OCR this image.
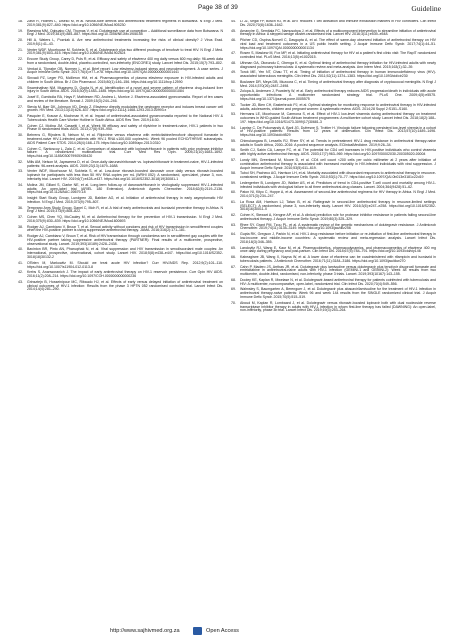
Page 38 of 39	Guideline
18.	Zash R, Holmes L, Diseko M, et al. Neural-tube defects and antiretroviral treatment regimens in Botswana. N Engl J Med. 2019;381(9):827–840. https://doi.org/10.1056/NEJMoa1905230
19.	Raesima MM, Ogbuabo CM, Thomas V, et al. Dolutegravir use at conception – Additional surveillance data from Botswana. N Engl J Med. 2019;381(9):885–887. https://doi.org/10.1056/NEJMc1908155
20.	Hill A, Waters L, Pozniak A. Are new antiretroviral treatments increasing the risks of clinical obesity? J Virus Erad. 2019;5(1):41–43.
21.	Venter WDF, Moorhouse M, Sokhela S, et al. Dolutegravir plus two different prodrugs of tenofovir to treat HIV. N Engl J Med. 2019;381(9):803–815. https://doi.org/10.1056/NEJMoa1902824
22.	Encore Study Group, Carey D, Puls R, et al. Efficacy and safety of efavirenz 400 mg daily versus 600 mg daily: 96-week data from a randomised, double-blind, placebo-controlled, non-inferiority (ENCORE1) study. Lancet Infect Dis. 2015;15(7):793–802.
23.	Venkat A, Tjiprabe OB, Normen L, et al. Brief report: Low efavirenz-induced stress and neurodevelopment. A case series. J Acquir Immune Defic Syndr. 2017;76(4):e77–e78. https://doi.org/10.1097/QAI.0000000000001441
24.	Sinxadi PZ, Leger PD, McIlleron HM, et al. Pharmacogenetics of plasma efavirenz exposure in HIV-infected adults and children in South Africa. Br J Clin Pharmacol. 2015;80(1):146–156. https://doi.org/10.1111/bcp.12590
25.	Swaminathan NM, Mugavero D, Gupta N, et al. Identification of a novel and severe pattern of efavirenz drug-induced liver injury in South Africa. AIDS. 2016;30(9):1483–1485. https://doi.org/10.1097/QAD.0000000000001084
26.	Josef E, Gumbolia RA, Hays F, Mathiesen RD, Andrea L, Morrice J. Efavirenz-associated gynecomastia. Report of ten cases and review of the literature. Breast J. 2009;15(3):244–246.
27.	Stevia M, Barr DK, Johnson VD, Desto Z. Efavirenz directly modulates the oestrogen receptor and induces breast cancer cell growth. HIV Med. 2013;13(10):626–637. https://doi.org/10.1111/j.1468-1293.2013.00993.x
28.	Pasquier E, Krause A, Mochman H, et al. Impact of antiretroviral-associated gynaecomastia reported to the National HIV & Tuberculosis Health Care Worker Hotline in South Africa. AIDS Res Ther. 2019;16:30.
29.	Cohen CJ, Molina JM, Cassetti I, et al. Week 96 efficacy and safety of rilpivirine in treatment-naive, HIV-1 patients in two Phase III randomized trials. AIDS. 2013;27(6):939–950.
30.	Behrens G, Rijnders B, Nelson M, et al. Rilpivirine versus efavirenz with emtricitabine/tenofovir disoproxil fumarate in treatment-naive HIV-1-infected patients with HIV-1 RNA ≤100,000 copies/mL: Week 96 pooled ECHO/THRIVE subanalysis. AIDS Patient Care STDS. 2014;28(4):168–175. https://doi.org/10.1089/apc.2013.0310
31.	Cohen C, Santoscoy L, Zala C, et al. Comparison of atazanavir with lopinavir/ritonavir in patients with prior protease inhibitor failure: A randomized multinational trial. Curr Med Res Opin. 2005;21(10):1683–1692. https://doi.org/10.1185/030079905X65420
32.	Mills AM, Nelson M, Jayaweera D, et al. Once-daily darunavir/ritonavir vs. lopinavir/ritonavir in treatment-naive, HIV-1-infected patients: 96-week analysis. AIDS. 2009;23(13):1679–1688.
33.	Venter WDF, Moorhouse M, Sokhela S, et al. Low-dose ritonavir-boosted darunavir once daily versus ritonavir-boosted lopinavir for participants with less than 50 HIV RNA copies per mL (WRHI 052): A randomised, open-label, phase 3, non-inferiority trial. Lancet HIV. 2019;6(7):e428–e437. https://doi.org/10.1016/S2352-3018(19)30081-1
34.	Molina JM, Gillani S, Clarke NE, et al. Long-term follow-up of darunavir/ritonavir in virologically suppressed HIV-1-infected adults: An open-label trial (ARIEL 180 Extension). Antimicrob Agents Chemother. 2018;62(8):2119–2136. https://doi.org/10.1128/AAC.00679-18
35.	Insight Start Study Group, Lundgren JD, Babiker AG, et al. Initiation of antiretroviral therapy in early asymptomatic HIV infection. N Engl J Med. 2015;373(9):795–807.
36.	Temprano Anrs Study Group, Danel C, Moh R, et al. A trial of early antiretrovirals and isoniazid preventive therapy in Africa. N Engl J Med. 2015;373(9):808–822.
37.	Cohen MS, Chen YQ, McCauley M, et al. Antiretroviral therapy for the prevention of HIV-1 transmission. N Engl J Med. 2016;375(9):830–839. https://doi.org/10.1056/NEJMoa1600693
38.	Rodger AJ, Cambiano V, Bruun T, et al. Sexual activity without condoms and risk of HIV transmission in serodifferent couples when the HIV-positive partner is using suppressive antiretroviral therapy. JAMA. 2016;316(2):171–181.
39.	Rodger AJ, Cambiano V, Bruun T, et al. Risk of HIV transmission through condomless sex in serodifferent gay couples with the HIV-positive partner taking suppressive antiretroviral therapy (PARTNER): Final results of a multicentre, prospective, observational study. Lancet. 2019;393(10189):2428–2438.
40.	Bavinton BR, Pinto AN, Phanuphak N, et al. Viral suppression and HIV transmission in serodiscordant male couples: An international, prospective, observational, cohort study. Lancet HIV. 2018;5(8):e438–e447. https://doi.org/10.1016/S2352-3018(18)30132-2
41.	O'Brien M, Markowitz M. Should we treat acute HIV infection? Curr HIV/AIDS Rep. 2012;9(2):101–110. https://doi.org/10.1007/s11904-012-0113-8
42.	Krebs S, Ananworanich J. The impact of early antiretroviral therapy on HIV-1 reservoir persistence. Curr Opin HIV AIDS. 2016;11(2):208–214. https://doi.org/10.1097/COH.0000000000000236
43.	Grinsztejn B, Hosseinipour MC, Ribaudo HJ, et al. Effects of early versus delayed initiation of antiretroviral treatment on clinical outcomes of HIV-1 infection: Results from the phase 3 HPTN 052 randomised controlled trial. Lancet Infect Dis. 2014;14(4):281–290.
44.	Li JZ, Segal FP, Bosch RJ, et al. ART reduces T cell activation and immune exhaustion markers in HIV controllers. Clin Infect Dis. 2020;70(8):1636–1642.
45.	Amanyire G, Semitala FC, Namusobya J, et al. Effects of a multicomponent intervention to streamline initiation of antiretroviral therapy in Africa: A stepped-wedge cluster-randomised trial. Lancet HIV. 2016;3(11):e539–e548.
46.	Pilcher CD, Ospina-Norvell C, Dasgupta A, et al. The effect of same-day observed initiation of antiretroviral therapy on HIV viral load and treatment outcomes in a US public health setting. J Acquir Immune Defic Syndr. 2017;74(1):44–51. https://doi.org/10.1097/QAI.0000000000001134
47.	Rosen S, Maskew M, Fox MP, et al. Initiating antiretroviral therapy for HIV at a patient's first clinic visit: The RapIT randomized controlled trial. PLoS Med. 2016;13(5):e1002015.
48.	Uthman OA, Okwundu C, Gbenga K, et al. Optimal timing of antiretroviral therapy initiation for HIV-infected adults with newly diagnosed pulmonary tuberculosis: A systematic review and meta-analysis. Ann Intern Med. 2015;163(1):32–39.
49.	Torok ME, Yen NT, Chau TT, et al. Timing of initiation of antiretroviral therapy in human immunodeficiency virus (HIV)-associated tuberculous meningitis. Clin Infect Dis. 2011;52(11):1374–1383. https://doi.org/10.1093/cid/cir230
50.	Boulware DR, Meya DB, Muzoora C, et al. Timing of antiretroviral therapy after diagnosis of cryptococcal meningitis. N Engl J Med. 2014;370(26):2487–2498.
51.	Zolopa A, Andersen J, Powderly W, et al. Early antiretroviral therapy reduces AIDS progression/death in individuals with acute opportunistic infections: A multicenter randomized strategy trial. PLoS One. 2009;4(5):e5575. https://doi.org/10.1371/journal.pone.0005575
52.	Tucker JD, Bien CH, Easterbrook PJ, et al. Optimal strategies for monitoring response to antiretroviral therapy in HIV-infected adults, adolescents, children and pregnant women: A systematic review. AIDS. 2014;28 Suppl 2:S151–S160.
53.	Hermans LE, Moorhouse M, Carmona S, et al. Effect of HIV-1 low-level viraemia during antiretroviral therapy on treatment outcomes in WHO-guided South African treatment programmes: A multicentre cohort study. Lancet Infect Dis. 2018;18(2):188–197. https://doi.org/10.1016/S1473-3099(17)30681-3
54.	Laprise C, De Pokomandy A, Baril JG, Dufresne S, Trottier H. Virologic failure following persistent low-level viremia in a cohort of HIV-positive patients: Results from 12 years of observation. Clin Infect Dis. 2013;57(10):1489–1496. https://doi.org/10.1093/cid/cit529
55.	Chimukangara B, Lessells RJ, Rhee SY, et al. Trends in pretreatment HIV-1 drug resistance in antiretroviral therapy-naive adults in South Africa, 2000–2016: A pooled sequence analysis. EClinicalMedicine. 2019;9:26–34.
56.	Smith CJ, Sabin CA, Lampe FC, et al. The potential for CD4 cell increases in HIV-positive individuals who control viraemia with highly active antiretroviral therapy. AIDS. 2003;17(7):963–969. https://doi.org/10.1097/00002030-200305020-00004
57.	Lundy MN, Greenland M, Moore D, et al. CD4 cell count <200 cells per cubic millimeter at 2 years after initiation of combination antiretroviral therapy is associated with increased mortality in HIV-infected individuals with viral suppression. J Acquir Immune Defic Syndr. 2010;53(5):611–619.
58.	Tuboi SH, Pacheco AG, Harrison LH, et al. Mortality associated with discordant responses to antiretroviral therapy in resource-constrained settings. J Acquir Immune Defic Syndr. 2010;53(1):70–77. https://doi.org/10.1097/QAI.0b013e3181c22d19
59.	Ledergerber B, Lundgren JD, Walker AS, et al. Predictors of trend in CD4-positive T-cell count and mortality among HIV-1-infected individuals with virological failure to all three antiretroviral-drug classes. Lancet. 2004;364(9428):51–62.
60.	Paton NI, Kityo C, Hoppe A, et al. Assessment of second-line antiretroviral regimens for HIV therapy in Africa. N Engl J Med. 2014;371(3):234–247.
61.	La Rosa AM, Harrison LJ, Taiwo B, et al. Raltegravir in second-line antiretroviral therapy in resource-limited settings (SELECT): A randomised, phase 3, non-inferiority study. Lancet HIV. 2016;3(6):e247–e258. https://doi.org/10.1016/S2352-3018(16)30011-X
62.	Cohen K, Stewart A, Kengne AP, et al. A clinical prediction rule for protease inhibitor resistance in patients failing second-line antiretroviral therapy. J Acquir Immune Defic Syndr. 2019;80(3):325–329.
63.	Rhee SY, Grant PM, Tzou PL, et al. A systematic review of the genetic mechanisms of dolutegravir resistance. J Antimicrob Chemother. 2019;74(11):3135–3149. https://doi.org/10.1093/jac/dkz256
64.	Gupta RK, Gregson J, Parkin N, et al. HIV-1 drug resistance before initiation or re-initiation of first-line antiretroviral therapy in low-income and middle-income countries: A systematic review and meta-regression analysis. Lancet Infect Dis. 2018;18(3):346–355.
65.	Landovitz RJ, Wang E, Kaur M, et al. Pharmacokinetics, pharmacodynamics, and pharmacogenetics of efavirenz 400 mg once daily during pregnancy and post-partum. Clin Infect Dis. 2018;67(5):784–791. https://doi.org/10.1093/cid/ciy146
66.	Kabeagirwe JB, Wang X, Nayna W, et al. A lower dose of efavirenz can be coadministered with rifampicin and isoniazid in tuberculosis patients. J Antimicrob Chemother. 2016;71(11):3184–3186. https://doi.org/10.1093/jac/dkw270
67.	Cahn P, Madero JS, Arribas JR, et al. Dolutegravir plus lamivudine versus dolutegravir plus tenofovir disoproxil fumarate and emtricitabine in antiretroviral-naive adults with HIV-1 infection (GEMINI-1 and GEMINI-2): Week 48 results from two multicentre, double-blind, randomised, non-inferiority, phase 3 trials. Lancet. 2019;393(10167):143–155.
68.	Dooley KE, Kaplan R, Mwelase N, et al. Dolutegravir-based antiretroviral therapy for patients coinfected with tuberculosis and HIV: A multicenter, noncomparative, open-label, randomized trial. Clin Infect Dis. 2020;70(4):549–556.
69.	Walmsley S, Baumgarten A, Berenguer J, et al. Dolutegravir plus abacavir/lamivudine for the treatment of HIV-1 infection in antiretroviral therapy-naive patients: Week 96 and week 144 results from the SINGLE randomized clinical trial. J Acquir Immune Defic Syndr. 2015;70(5):515–519.
70.	Aboud M, Kaplan R, Lombaard J, et al. Dolutegravir versus ritonavir-boosted lopinavir both with dual nucleoside reverse transcriptase inhibitor therapy in adults with HIV-1 infection in whom first-line therapy has failed (DAWNING): An open-label, non-inferiority, phase 3b trial. Lancet Infect Dis. 2019;19(3):253–264.
http://www.sajhivmed.org.za	Open Access
